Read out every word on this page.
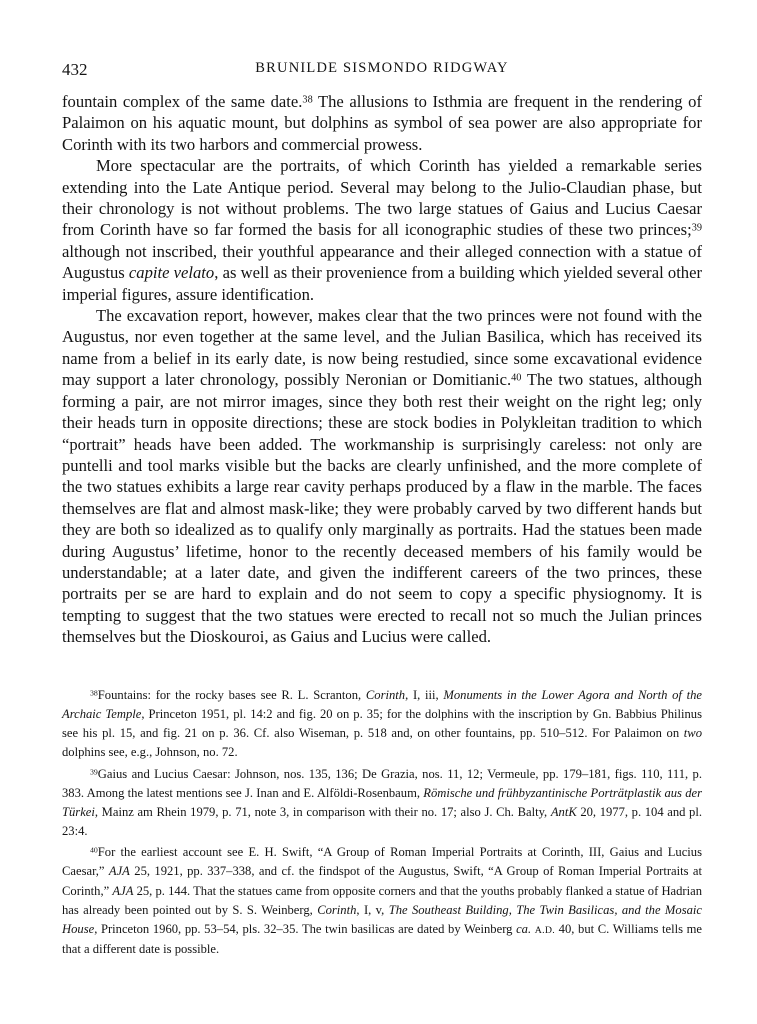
432	BRUNILDE SISMONDO RIDGWAY

fountain complex of the same date.$^{38}$ The allusions to Isthmia are frequent in the rendering of Palaimon on his aquatic mount, but dolphins as symbol of sea power are also appropriate for Corinth with its two harbors and commercial prowess.

More spectacular are the portraits, of which Corinth has yielded a remarkable series extending into the Late Antique period. Several may belong to the Julio-Claudian phase, but their chronology is not without problems. The two large statues of Gaius and Lucius Caesar from Corinth have so far formed the basis for all iconographic studies of these two princes;$^{39}$ although not inscribed, their youthful appearance and their alleged connection with a statue of Augustus capite velato, as well as their provenience from a building which yielded several other imperial figures, assure identification.

The excavation report, however, makes clear that the two princes were not found with the Augustus, nor even together at the same level, and the Julian Basilica, which has received its name from a belief in its early date, is now being restudied, since some excavational evidence may support a later chronology, possibly Neronian or Domitianic.$^{40}$ The two statues, although forming a pair, are not mirror images, since they both rest their weight on the right leg; only their heads turn in opposite directions; these are stock bodies in Polykleitan tradition to which “portrait” heads have been added. The workmanship is surprisingly careless: not only are puntelli and tool marks visible but the backs are clearly unfinished, and the more complete of the two statues exhibits a large rear cavity perhaps produced by a flaw in the marble. The faces themselves are flat and almost mask-like; they were probably carved by two different hands but they are both so idealized as to qualify only marginally as portraits. Had the statues been made during Augustus’ lifetime, honor to the recently deceased members of his family would be understandable; at a later date, and given the indifferent careers of the two princes, these portraits per se are hard to explain and do not seem to copy a specific physiognomy. It is tempting to suggest that the two statues were erected to recall not so much the Julian princes themselves but the Dioskouroi, as Gaius and Lucius were called.

$^{38}$Fountains: for the rocky bases see R. L. Scranton, Corinth, I, iii, Monuments in the Lower Agora and North of the Archaic Temple, Princeton 1951, pl. 14:2 and fig. 20 on p. 35; for the dolphins with the inscription by Gn. Babbius Philinus see his pl. 15, and fig. 21 on p. 36. Cf. also Wiseman, p. 518 and, on other fountains, pp. 510–512. For Palaimon on two dolphins see, e.g., Johnson, no. 72.

$^{39}$Gaius and Lucius Caesar: Johnson, nos. 135, 136; De Grazia, nos. 11, 12; Vermeule, pp. 179–181, figs. 110, 111, p. 383. Among the latest mentions see J. Inan and E. Alföldi-Rosenbaum, Römische und frühbyzantinische Porträtplastik aus der Türkei, Mainz am Rhein 1979, p. 71, note 3, in comparison with their no. 17; also J. Ch. Balty, AntK 20, 1977, p. 104 and pl. 23:4.

$^{40}$For the earliest account see E. H. Swift, “A Group of Roman Imperial Portraits at Corinth, III, Gaius and Lucius Caesar,” AJA 25, 1921, pp. 337–338, and cf. the findspot of the Augustus, Swift, “A Group of Roman Imperial Portraits at Corinth,” AJA 25, p. 144. That the statues came from opposite corners and that the youths probably flanked a statue of Hadrian has already been pointed out by S. S. Weinberg, Corinth, I, v, The Southeast Building, The Twin Basilicas, and the Mosaic House, Princeton 1960, pp. 53–54, pls. 32–35. The twin basilicas are dated by Weinberg ca. A.D. 40, but C. Williams tells me that a different date is possible.
